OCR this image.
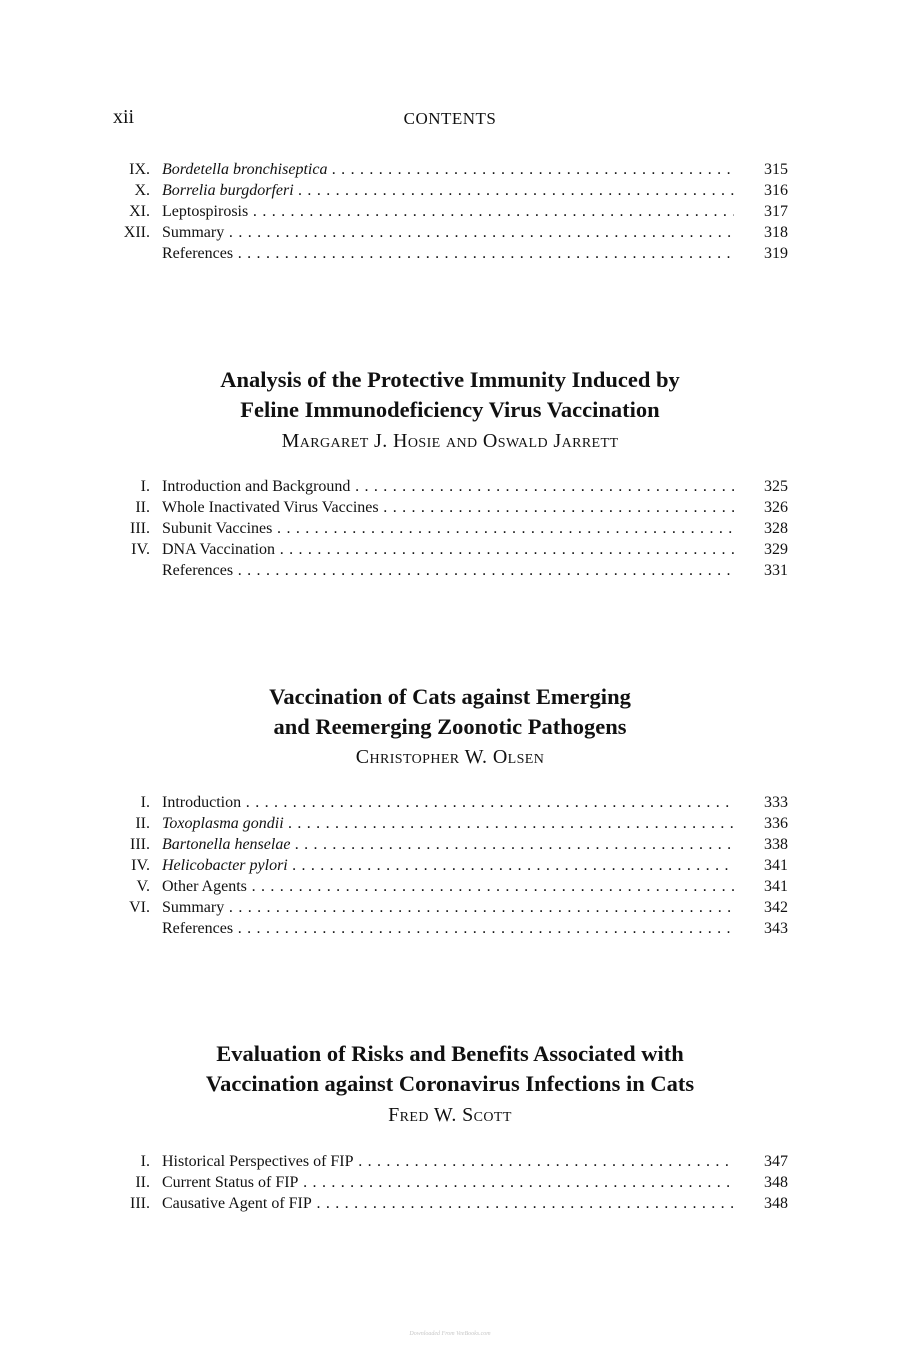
xii	CONTENTS
IX. Bordetella bronchiseptica . . .	315
X. Borrelia burgdorferi . . .	316
XI. Leptospirosis . . .	317
XII. Summary . . .	318
References . . .	319
Analysis of the Protective Immunity Induced by
Feline Immunodeficiency Virus Vaccination
Margaret J. Hosie and Oswald Jarrett
I. Introduction and Background . . .	325
II. Whole Inactivated Virus Vaccines . . .	326
III. Subunit Vaccines . . .	328
IV. DNA Vaccination . . .	329
References . . .	331
Vaccination of Cats against Emerging
and Reemerging Zoonotic Pathogens
Christopher W. Olsen
I. Introduction . . .	333
II. Toxoplasma gondii . . .	336
III. Bartonella henselae . . .	338
IV. Helicobacter pylori . . .	341
V. Other Agents . . .	341
VI. Summary . . .	342
References . . .	343
Evaluation of Risks and Benefits Associated with
Vaccination against Coronavirus Infections in Cats
Fred W. Scott
I. Historical Perspectives of FIP . . .	347
II. Current Status of FIP . . .	348
III. Causative Agent of FIP . . .	348
Downloaded From VeeBooks.com
